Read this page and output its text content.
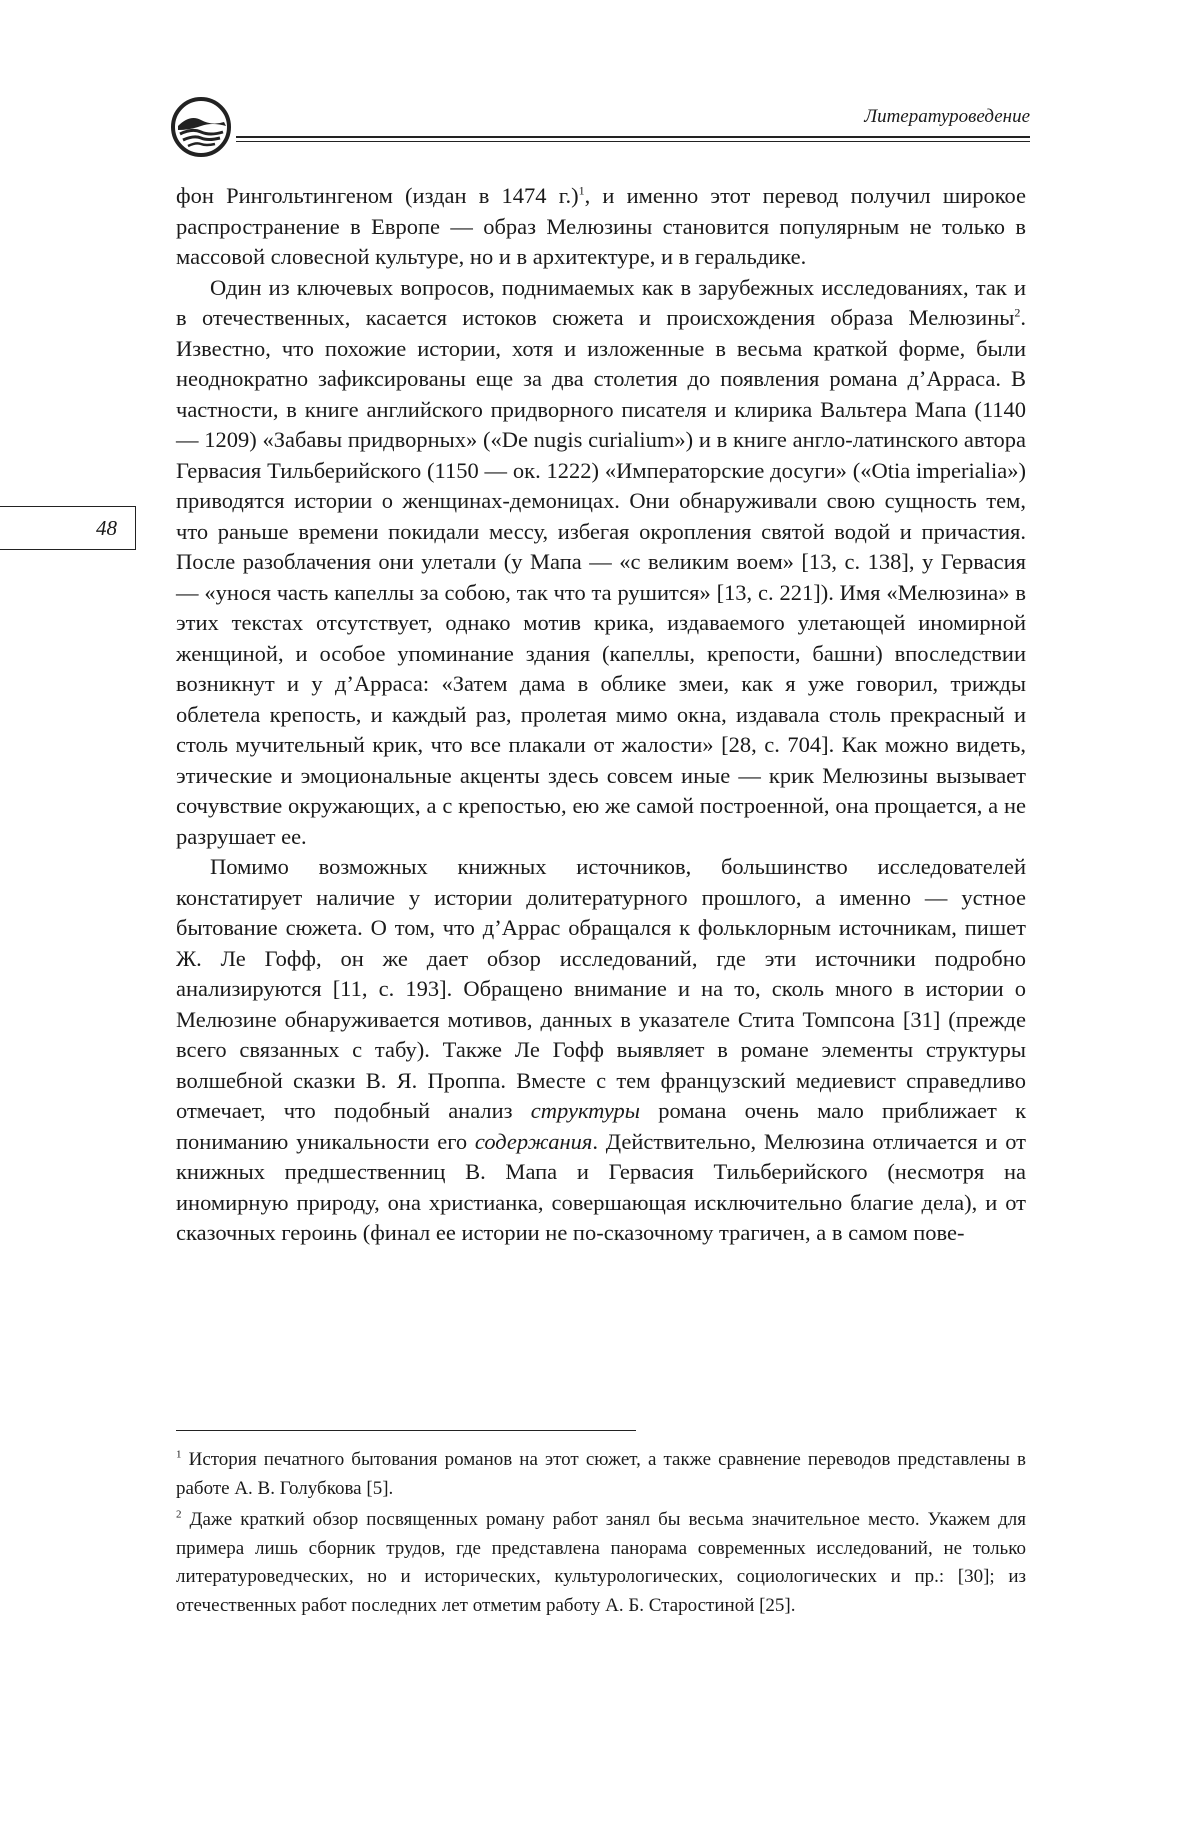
Литературоведение
48

фон Рингольтингеном (издан в 1474 г.)$^1$, и именно этот перевод получил широкое распространение в Европе — образ Мелюзины становится популярным не только в массовой словесной культуре, но и в архитектуре, и в геральдике.

Один из ключевых вопросов, поднимаемых как в зарубежных исследованиях, так и в отечественных, касается истоков сюжета и происхождения образа Мелюзины$^2$. Известно, что похожие истории, хотя и изложенные в весьма краткой форме, были неоднократно зафиксированы еще за два столетия до появления романа д’Арраса. В частности, в книге английского придворного писателя и клирика Вальтера Мапа (1140 — 1209) «Забавы придворных» («De nugis curialium») и в книге англо-латинского автора Гервасия Тильберийского (1150 — ок. 1222) «Императорские досуги» («Otia imperialia») приводятся истории о женщинах-демоницах. Они обнаруживали свою сущность тем, что раньше времени покидали мессу, избегая окропления святой водой и причастия. После разоблачения они улетали (у Мапа — «с великим воем» [13, с. 138], у Гервасия — «унося часть капеллы за собою, так что та рушится» [13, с. 221]). Имя «Мелюзина» в этих текстах отсутствует, однако мотив крика, издаваемого улетающей иномирной женщиной, и особое упоминание здания (капеллы, крепости, башни) впоследствии возникнут и у д’Арраса: «Затем дама в облике змеи, как я уже говорил, трижды облетела крепость, и каждый раз, пролетая мимо окна, издавала столь прекрасный и столь мучительный крик, что все плакали от жалости» [28, с. 704]. Как можно видеть, этические и эмоциональные акценты здесь совсем иные — крик Мелюзины вызывает сочувствие окружающих, а с крепостью, ею же самой построенной, она прощается, а не разрушает ее.

Помимо возможных книжных источников, большинство исследователей констатирует наличие у истории долитературного прошлого, а именно — устное бытование сюжета. О том, что д’Аррас обращался к фольклорным источникам, пишет Ж. Ле Гофф, он же дает обзор исследований, где эти источники подробно анализируются [11, с. 193]. Обращено внимание и на то, сколь много в истории о Мелюзине обнаруживается мотивов, данных в указателе Стита Томпсона [31] (прежде всего связанных с табу). Также Ле Гофф выявляет в романе элементы структуры волшебной сказки В. Я. Проппа. Вместе с тем французский медиевист справедливо отмечает, что подобный анализ структуры романа очень мало приближает к пониманию уникальности его содержания. Действительно, Мелюзина отличается и от книжных предшественниц В. Мапа и Гервасия Тильберийского (несмотря на иномирную природу, она христианка, совершающая исключительно благие дела), и от сказочных героинь (финал ее истории не по-сказочному трагичен, а в самом пове-

$^1$ История печатного бытования романов на этот сюжет, а также сравнение переводов представлены в работе А. В. Голубкова [5].

$^2$ Даже краткий обзор посвященных роману работ занял бы весьма значительное место. Укажем для примера лишь сборник трудов, где представлена панорама современных исследований, не только литературоведческих, но и исторических, культурологических, социологических и пр.: [30]; из отечественных работ последних лет отметим работу А. Б. Старостиной [25].
